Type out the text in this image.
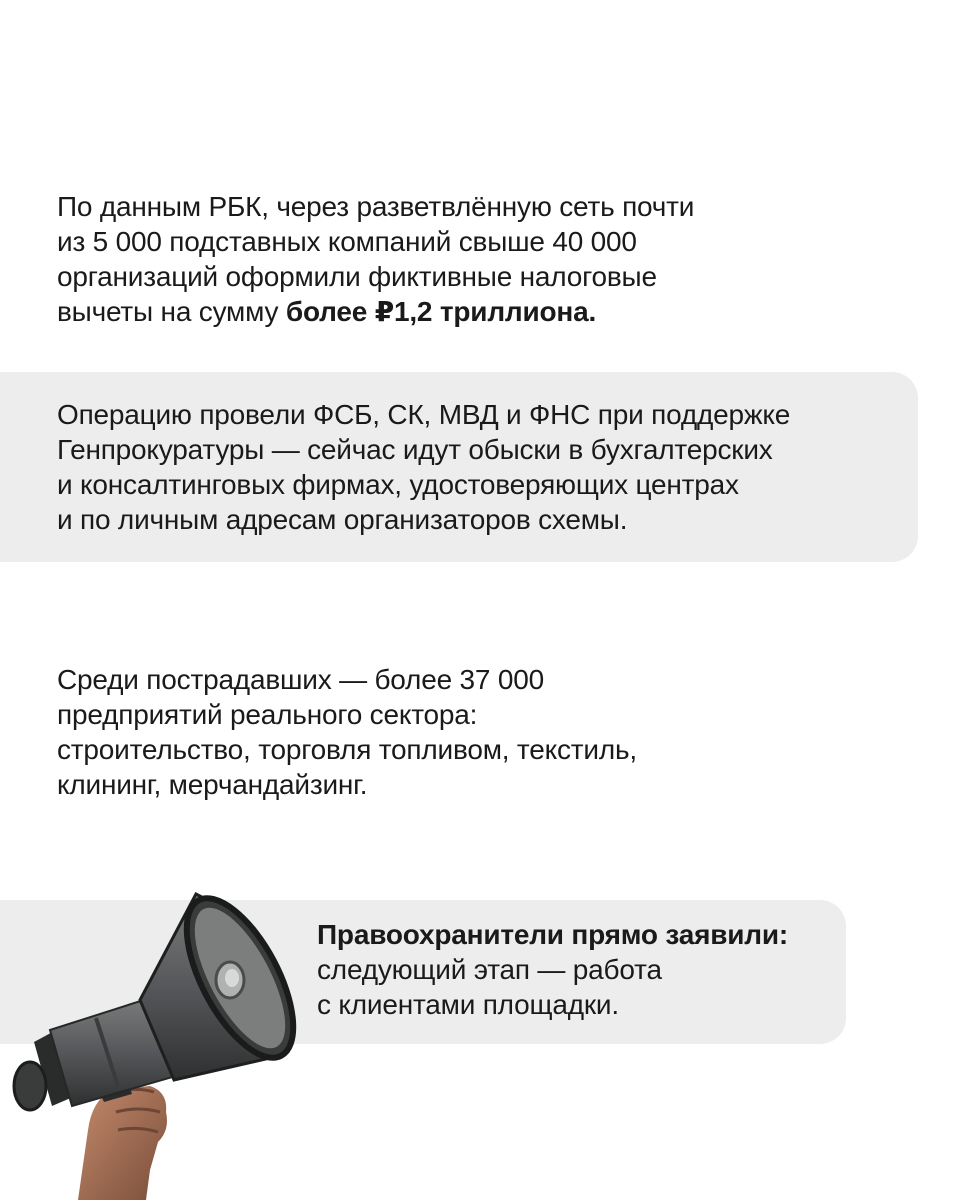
По данным РБК, через разветвлённую сеть почти
из 5 000 подставных компаний свыше 40 000
организаций оформили фиктивные налоговые
вычеты на сумму более ₽1,2 триллиона.
Операцию провели ФСБ, СК, МВД и ФНС при поддержке
Генпрокуратуры — сейчас идут обыски в бухгалтерских
и консалтинговых фирмах, удостоверяющих центрах
и по личным адресам организаторов схемы.
Среди пострадавших — более 37 000
предприятий реального сектора:
строительство, торговля топливом, текстиль,
клининг, мерчандайзинг.
Правоохранители прямо заявили:
следующий этап — работа
с клиентами площадки.
